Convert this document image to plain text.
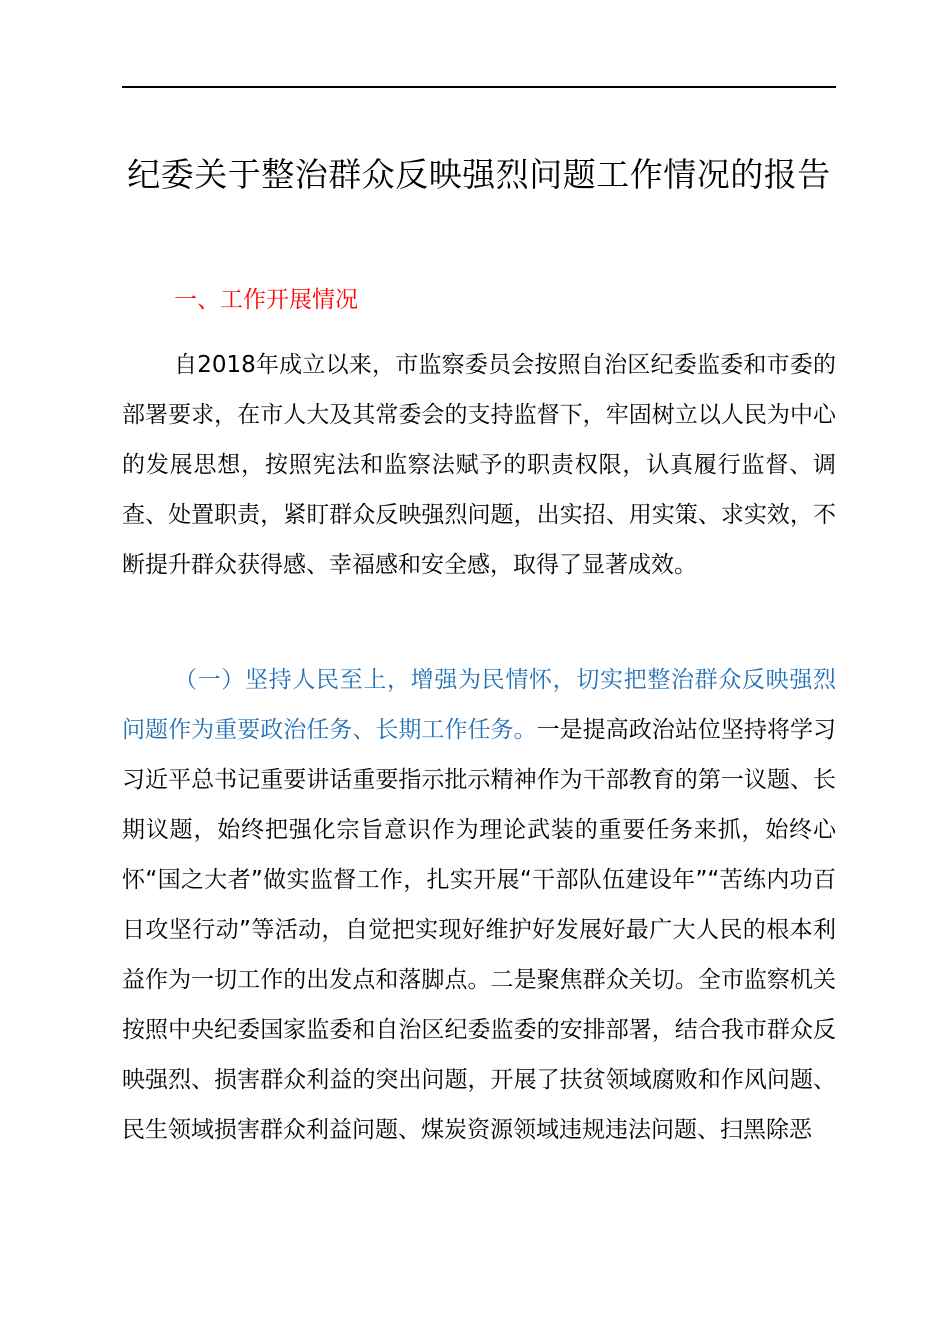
纪委关于整治群众反映强烈问题工作情况的报告
一、工作开展情况

自2018年成立以来，市监察委员会按照自治区纪委监委和市委的部署要求，在市人大及其常委会的支持监督下，牢固树立以人民为中心的发展思想，按照宪法和监察法赋予的职责权限，认真履行监督、调查、处置职责，紧盯群众反映强烈问题，出实招、用实策、求实效，不断提升群众获得感、幸福感和安全感，取得了显著成效。

（一）坚持人民至上，增强为民情怀，切实把整治群众反映强烈问题作为重要政治任务、长期工作任务。一是提高政治站位坚持将学习习近平总书记重要讲话重要指示批示精神作为干部教育的第一议题、长期议题，始终把强化宗旨意识作为理论武装的重要任务来抓，始终心怀“国之大者”做实监督工作，扎实开展“干部队伍建设年”“苦练内功百日攻坚行动”等活动，自觉把实现好维护好发展好最广大人民的根本利益作为一切工作的出发点和落脚点。二是聚焦群众关切。全市监察机关按照中央纪委国家监委和自治区纪委监委的安排部署，结合我市群众反映强烈、损害群众利益的突出问题，开展了扶贫领域腐败和作风问题、民生领域损害群众利益问题、煤炭资源领域违规违法问题、扫黑除恶
